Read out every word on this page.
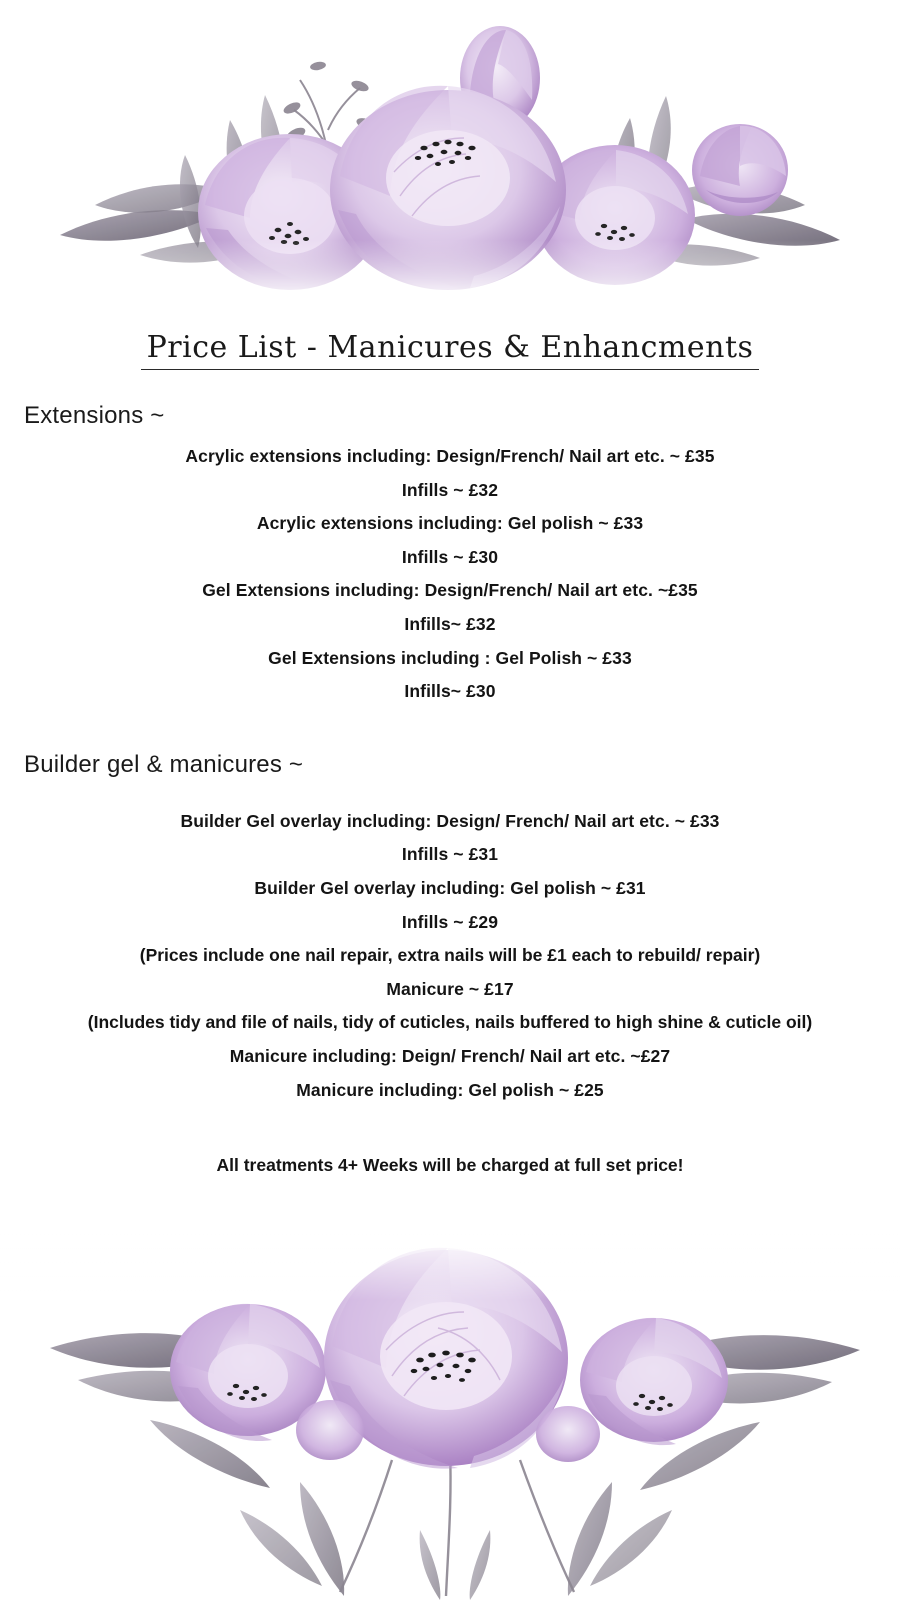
Price List - Manicures & Enhancments
Extensions ~
Acrylic extensions including: Design/French/ Nail art etc. ~ £35
Infills ~ £32
Acrylic extensions including: Gel polish ~ £33
Infills ~ £30
Gel Extensions including: Design/French/ Nail art etc. ~£35
Infills~ £32
Gel Extensions including : Gel Polish ~ £33
Infills~ £30
Builder gel & manicures ~
Builder Gel overlay including: Design/ French/ Nail art etc. ~ £33
Infills ~ £31
Builder Gel overlay including: Gel polish ~ £31
Infills ~ £29
(Prices include one nail repair, extra nails will be £1 each to rebuild/ repair)
Manicure ~ £17
(Includes tidy and file of nails, tidy of cuticles, nails buffered to high shine & cuticle oil)
Manicure including: Deign/ French/ Nail art etc. ~£27
Manicure including: Gel polish ~ £25
All treatments 4+ Weeks will be charged at full set price!
